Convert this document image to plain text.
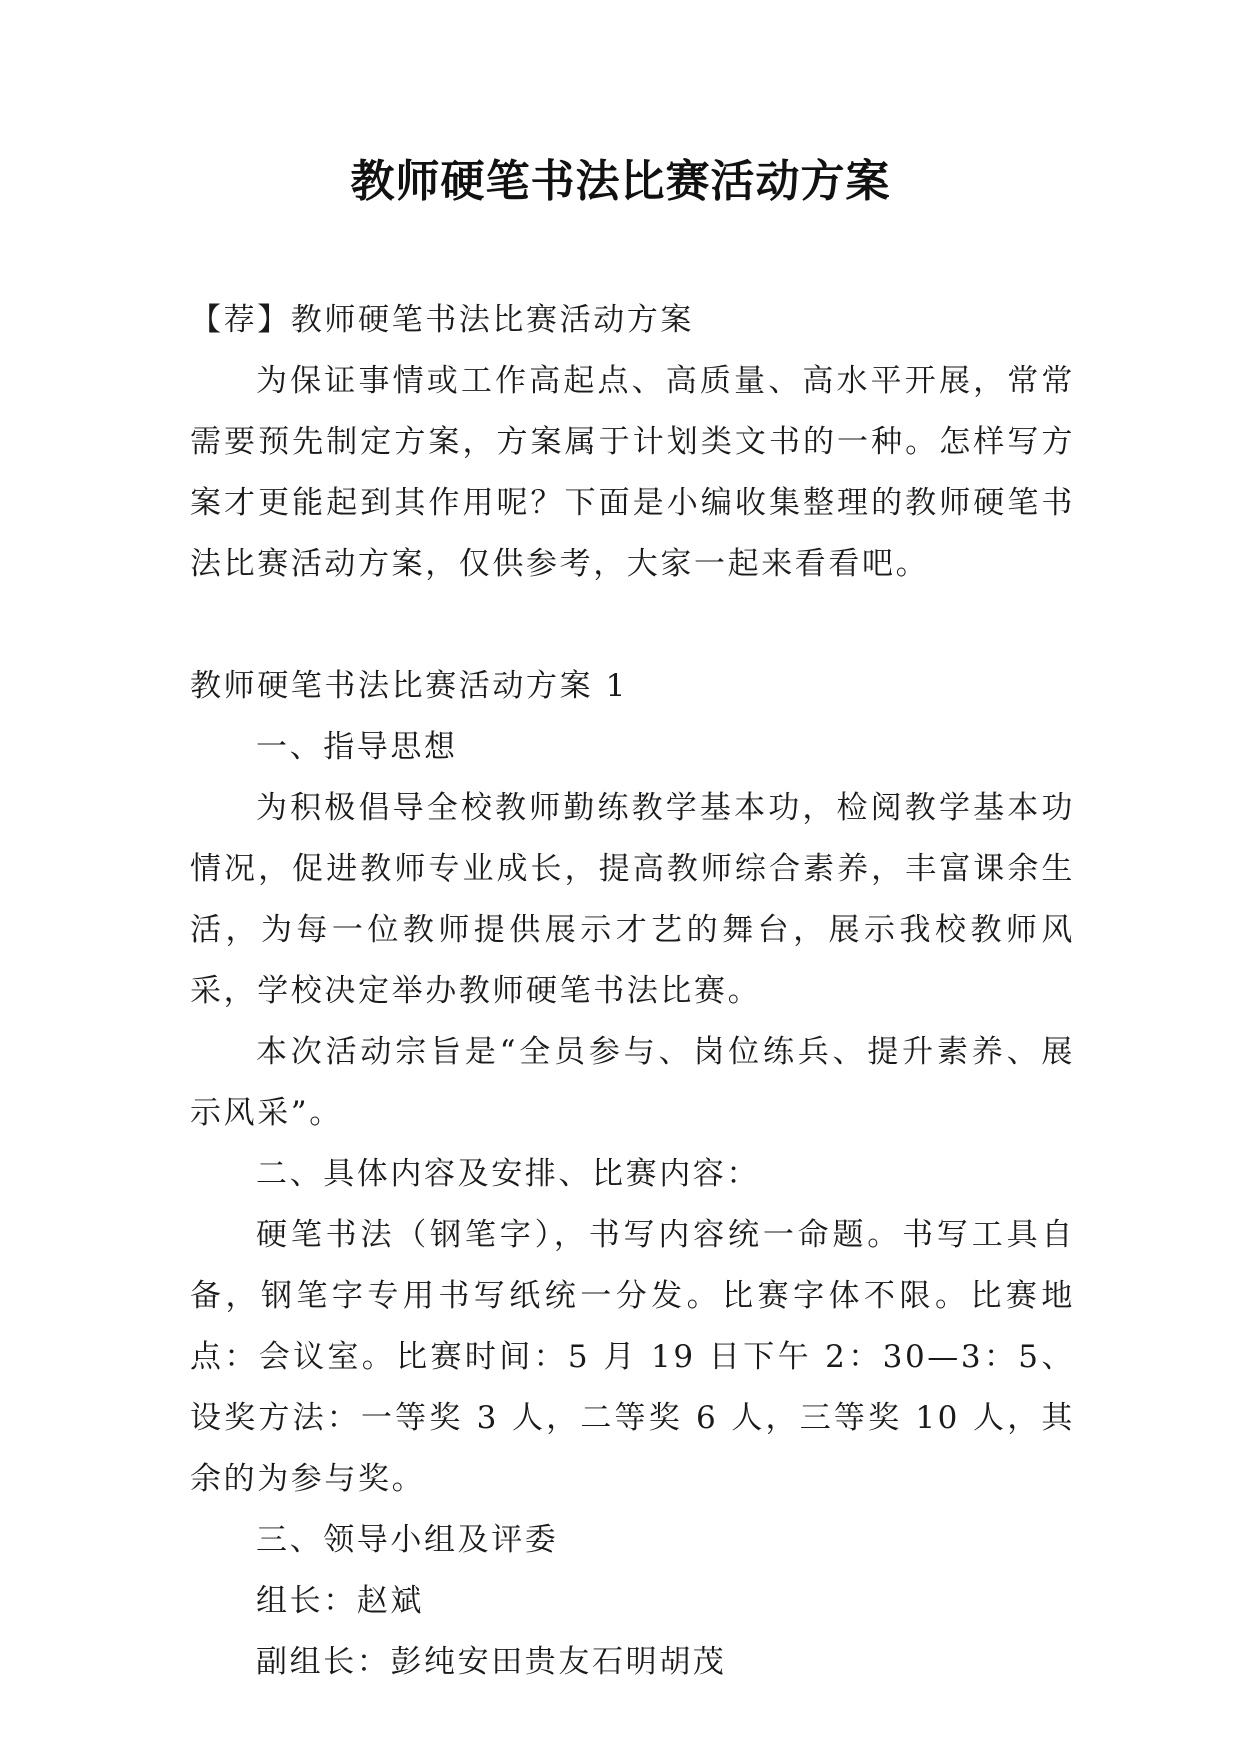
教师硬笔书法比赛活动方案

【荐】教师硬笔书法比赛活动方案

为保证事情或工作高起点、高质量、高水平开展，常常需要预先制定方案，方案属于计划类文书的一种。怎样写方案才更能起到其作用呢？下面是小编收集整理的教师硬笔书法比赛活动方案，仅供参考，大家一起来看看吧。

教师硬笔书法比赛活动方案 1

一、指导思想

为积极倡导全校教师勤练教学基本功，检阅教学基本功情况，促进教师专业成长，提高教师综合素养，丰富课余生活，为每一位教师提供展示才艺的舞台，展示我校教师风采，学校决定举办教师硬笔书法比赛。

本次活动宗旨是“全员参与、岗位练兵、提升素养、展示风采”。

二、具体内容及安排、比赛内容：

硬笔书法（钢笔字），书写内容统一命题。书写工具自备，钢笔字专用书写纸统一分发。比赛字体不限。比赛地点：会议室。比赛时间：5 月 19 日下午 2：30—3：5、设奖方法：一等奖 3 人，二等奖 6 人，三等奖 10 人，其余的为参与奖。

三、领导小组及评委

组长：赵斌

副组长：彭纯安田贵友石明胡茂
